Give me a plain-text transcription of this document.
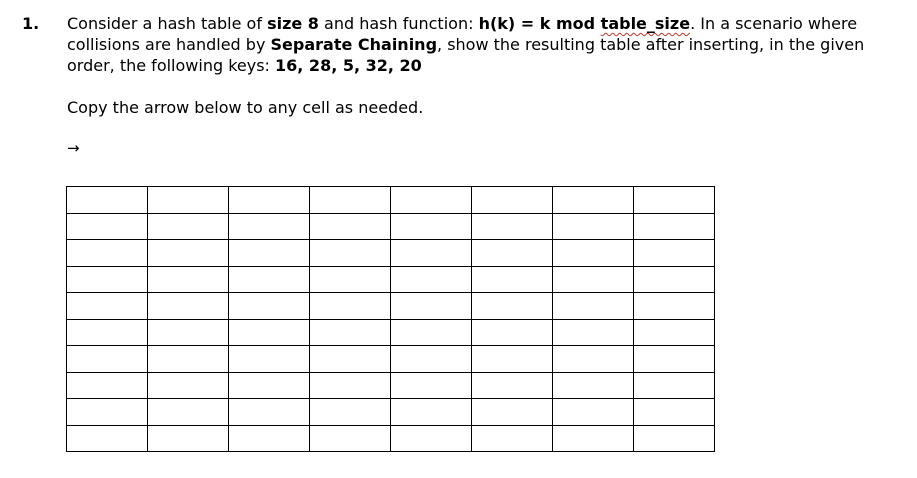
1. Consider a hash table of size 8 and hash function: h(k) = k mod table_size. In a scenario where collisions are handled by Separate Chaining, show the resulting table after inserting, in the given order, the following keys: 16, 28, 5, 32, 20
Copy the arrow below to any cell as needed.
→
